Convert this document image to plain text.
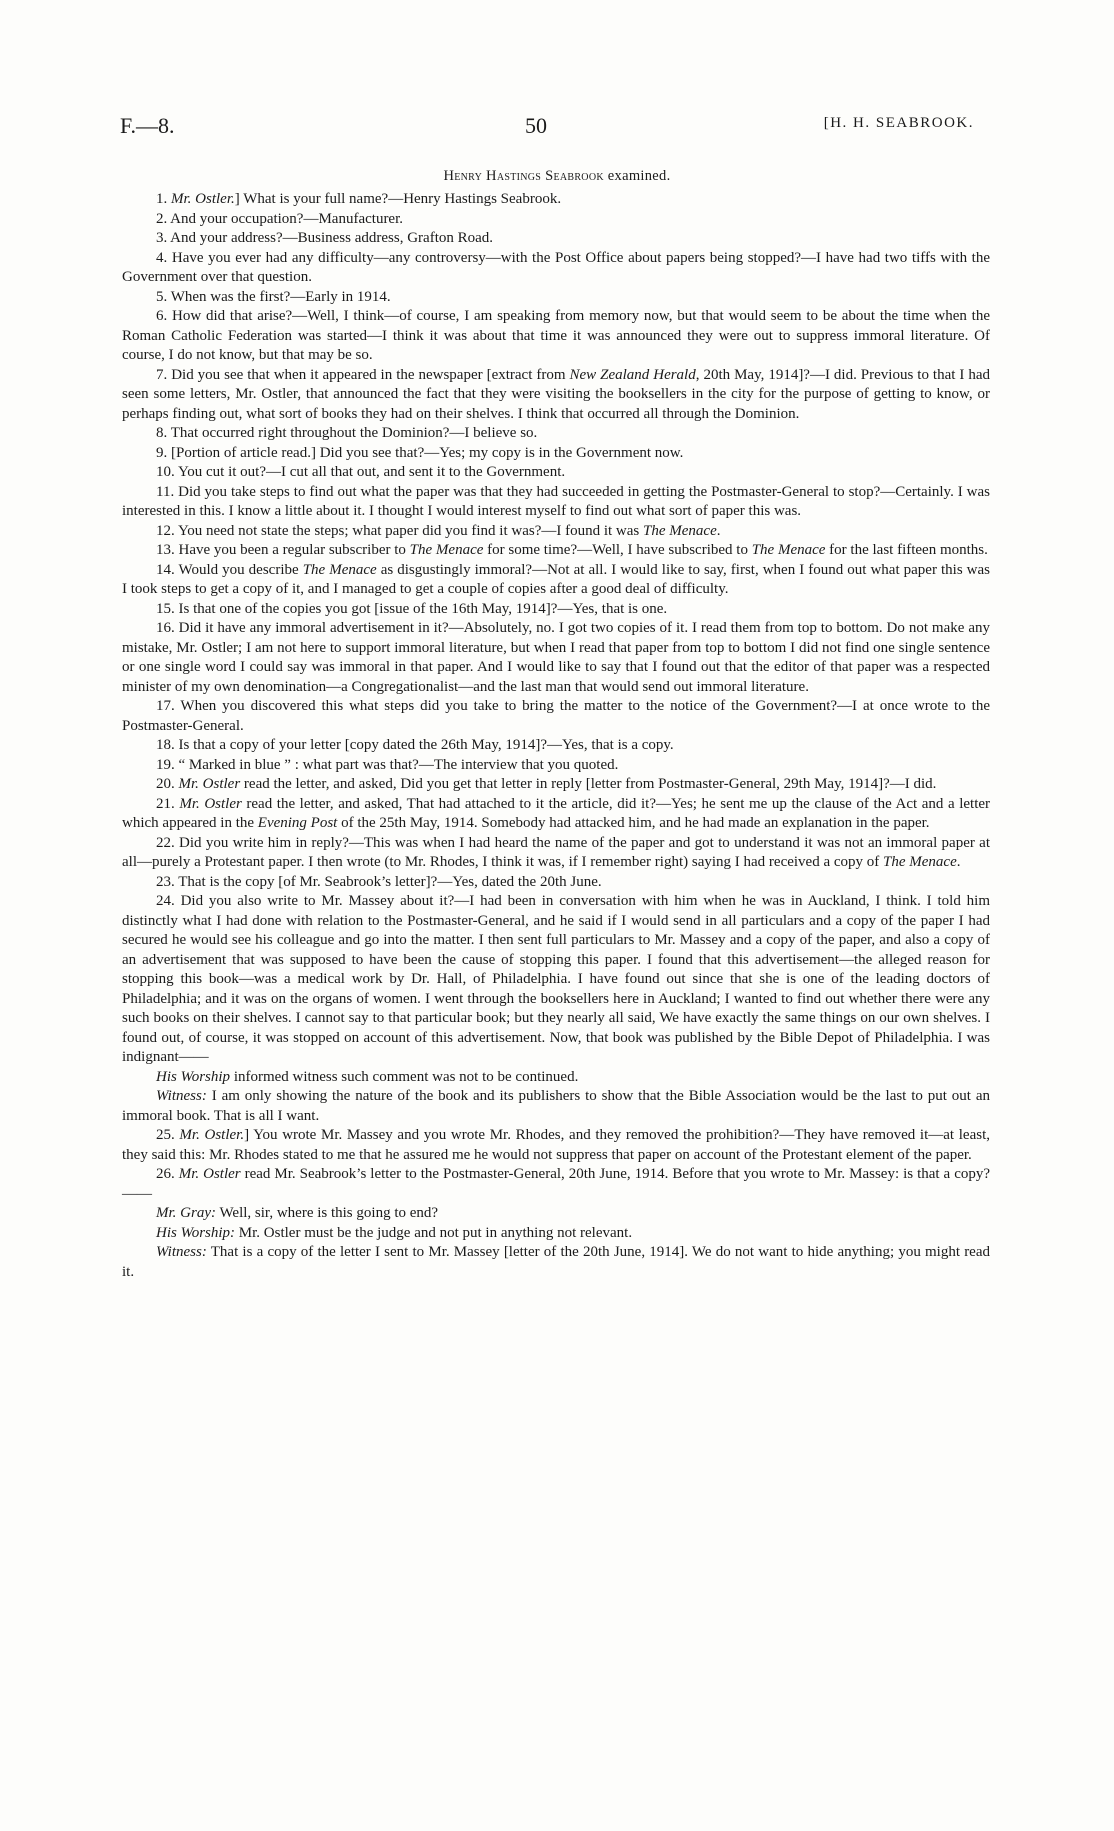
F.—8.	50	[H. H. SEABROOK.
Henry Hastings Seabrook examined.

1. Mr. Ostler.] What is your full name?—Henry Hastings Seabrook.

2. And your occupation?—Manufacturer.

3. And your address?—Business address, Grafton Road.

4. Have you ever had any difficulty—any controversy—with the Post Office about papers being stopped?—I have had two tiffs with the Government over that question.

5. When was the first?—Early in 1914.

6. How did that arise?—Well, I think—of course, I am speaking from memory now, but that would seem to be about the time when the Roman Catholic Federation was started—I think it was about that time it was announced they were out to suppress immoral literature. Of course, I do not know, but that may be so.

7. Did you see that when it appeared in the newspaper [extract from New Zealand Herald, 20th May, 1914]?—I did. Previous to that I had seen some letters, Mr. Ostler, that announced the fact that they were visiting the booksellers in the city for the purpose of getting to know, or perhaps finding out, what sort of books they had on their shelves. I think that occurred all through the Dominion.

8. That occurred right throughout the Dominion?—I believe so.

9. [Portion of article read.] Did you see that?—Yes; my copy is in the Government now.

10. You cut it out?—I cut all that out, and sent it to the Government.

11. Did you take steps to find out what the paper was that they had succeeded in getting the Postmaster-General to stop?—Certainly. I was interested in this. I know a little about it. I thought I would interest myself to find out what sort of paper this was.

12. You need not state the steps; what paper did you find it was?—I found it was The Menace.

13. Have you been a regular subscriber to The Menace for some time?—Well, I have subscribed to The Menace for the last fifteen months.

14. Would you describe The Menace as disgustingly immoral?—Not at all. I would like to say, first, when I found out what paper this was I took steps to get a copy of it, and I managed to get a couple of copies after a good deal of difficulty.

15. Is that one of the copies you got [issue of the 16th May, 1914]?—Yes, that is one.

16. Did it have any immoral advertisement in it?—Absolutely, no. I got two copies of it. I read them from top to bottom. Do not make any mistake, Mr. Ostler; I am not here to support immoral literature, but when I read that paper from top to bottom I did not find one single sentence or one single word I could say was immoral in that paper. And I would like to say that I found out that the editor of that paper was a respected minister of my own denomination—a Congregationalist—and the last man that would send out immoral literature.

17. When you discovered this what steps did you take to bring the matter to the notice of the Government?—I at once wrote to the Postmaster-General.

18. Is that a copy of your letter [copy dated the 26th May, 1914]?—Yes, that is a copy.

19. “ Marked in blue ” : what part was that?—The interview that you quoted.

20. Mr. Ostler read the letter, and asked, Did you get that letter in reply [letter from Postmaster-General, 29th May, 1914]?—I did.

21. Mr. Ostler read the letter, and asked, That had attached to it the article, did it?—Yes; he sent me up the clause of the Act and a letter which appeared in the Evening Post of the 25th May, 1914. Somebody had attacked him, and he had made an explanation in the paper.

22. Did you write him in reply?—This was when I had heard the name of the paper and got to understand it was not an immoral paper at all—purely a Protestant paper. I then wrote (to Mr. Rhodes, I think it was, if I remember right) saying I had received a copy of The Menace.

23. That is the copy [of Mr. Seabrook’s letter]?—Yes, dated the 20th June.

24. Did you also write to Mr. Massey about it?—I had been in conversation with him when he was in Auckland, I think. I told him distinctly what I had done with relation to the Postmaster-General, and he said if I would send in all particulars and a copy of the paper I had secured he would see his colleague and go into the matter. I then sent full particulars to Mr. Massey and a copy of the paper, and also a copy of an advertisement that was supposed to have been the cause of stopping this paper. I found that this advertisement—the alleged reason for stopping this book—was a medical work by Dr. Hall, of Philadelphia. I have found out since that she is one of the leading doctors of Philadelphia; and it was on the organs of women. I went through the booksellers here in Auckland; I wanted to find out whether there were any such books on their shelves. I cannot say to that particular book; but they nearly all said, We have exactly the same things on our own shelves. I found out, of course, it was stopped on account of this advertisement. Now, that book was published by the Bible Depot of Philadelphia. I was indignant——

His Worship informed witness such comment was not to be continued.

Witness: I am only showing the nature of the book and its publishers to show that the Bible Association would be the last to put out an immoral book. That is all I want.

25. Mr. Ostler.] You wrote Mr. Massey and you wrote Mr. Rhodes, and they removed the prohibition?—They have removed it—at least, they said this: Mr. Rhodes stated to me that he assured me he would not suppress that paper on account of the Protestant element of the paper.

26. Mr. Ostler read Mr. Seabrook’s letter to the Postmaster-General, 20th June, 1914. Before that you wrote to Mr. Massey: is that a copy?——

Mr. Gray: Well, sir, where is this going to end?

His Worship: Mr. Ostler must be the judge and not put in anything not relevant.

Witness: That is a copy of the letter I sent to Mr. Massey [letter of the 20th June, 1914]. We do not want to hide anything; you might read it.
